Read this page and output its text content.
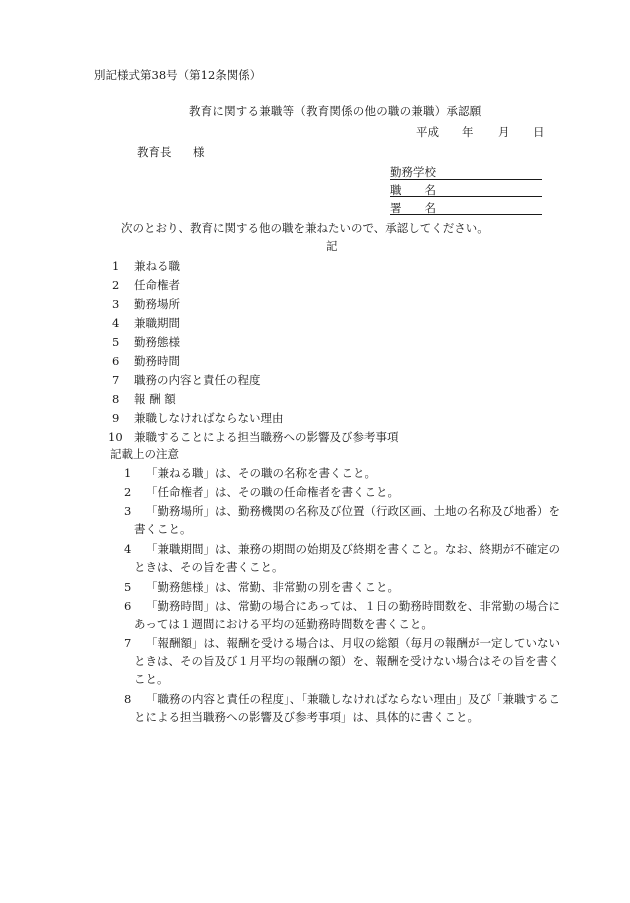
別記様式第38号（第12条関係）
教育に関する兼職等（教育関係の他の職の兼職）承認願
平成 年 月 日
教育長 様
勤務学校
職　　名
署　　名
次のとおり、教育に関する他の職を兼ねたいので、承認してください。
記
1 兼ねる職
2 任命権者
3 勤務場所
4 兼職期間
5 勤務態様
6 勤務時間
7 職務の内容と責任の程度
8 報 酬 額
9 兼職しなければならない理由
10 兼職することによる担当職務への影響及び参考事項
記載上の注意
1 「兼ねる職」は、その職の名称を書くこと。
2 「任命権者」は、その職の任命権者を書くこと。
3 「勤務場所」は、勤務機関の名称及び位置（行政区画、土地の名称及び地番）を
書くこと。
4 「兼職期間」は、兼務の期間の始期及び終期を書くこと。なお、終期が不確定の
ときは、その旨を書くこと。
5 「勤務態様」は、常勤、非常勤の別を書くこと。
6 「勤務時間」は、常勤の場合にあっては、１日の勤務時間数を、非常勤の場合に
あっては１週間における平均の延勤務時間数を書くこと。
7 「報酬額」は、報酬を受ける場合は、月収の総額（毎月の報酬が一定していない
ときは、その旨及び１月平均の報酬の額）を、報酬を受けない場合はその旨を書く
こと。
8 「職務の内容と責任の程度」、「兼職しなければならない理由」及び「兼職するこ
とによる担当職務への影響及び参考事項」は、具体的に書くこと。
